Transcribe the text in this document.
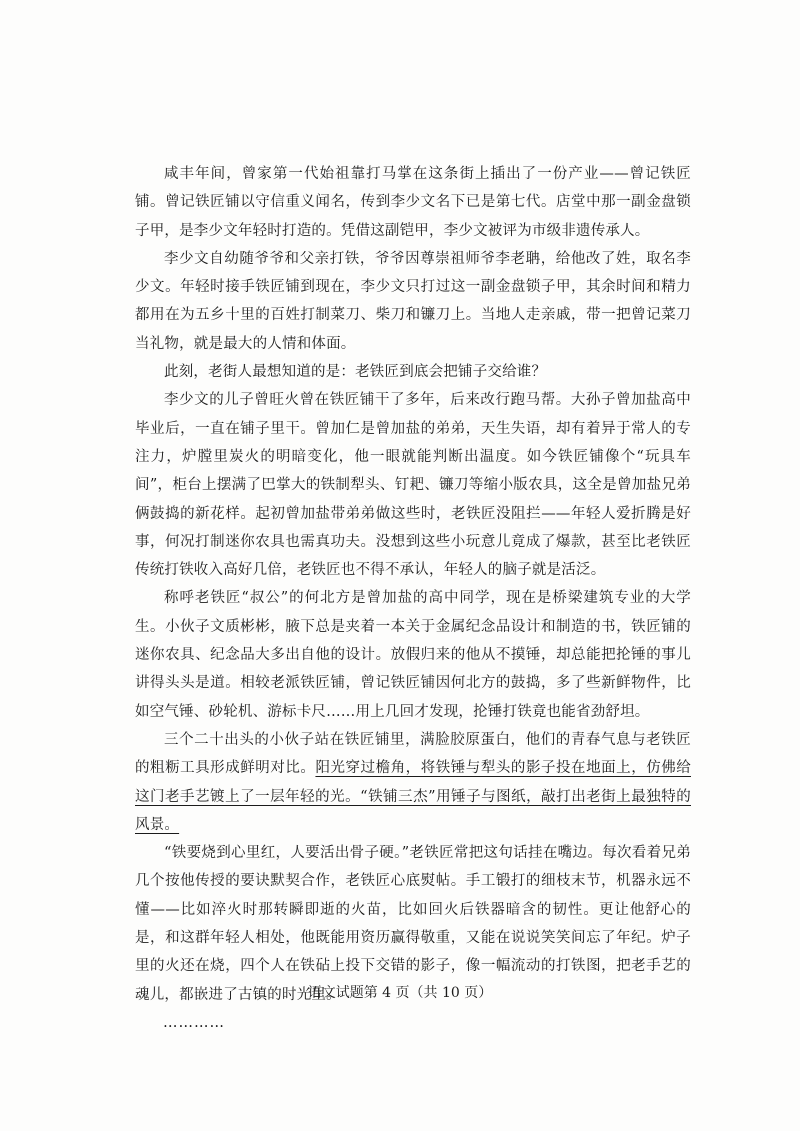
咸丰年间，曾家第一代始祖靠打马掌在这条街上插出了一份产业——曾记铁匠铺。曾记铁匠铺以守信重义闻名，传到李少文名下已是第七代。店堂中那一副金盘锁子甲，是李少文年轻时打造的。凭借这副铠甲，李少文被评为市级非遗传承人。

李少文自幼随爷爷和父亲打铁，爷爷因尊崇祖师爷李老聃，给他改了姓，取名李少文。年轻时接手铁匠铺到现在，李少文只打过这一副金盘锁子甲，其余时间和精力都用在为五乡十里的百姓打制菜刀、柴刀和镰刀上。当地人走亲戚，带一把曾记菜刀当礼物，就是最大的人情和体面。

此刻，老街人最想知道的是：老铁匠到底会把铺子交给谁？

李少文的儿子曾旺火曾在铁匠铺干了多年，后来改行跑马帮。大孙子曾加盐高中毕业后，一直在铺子里干。曾加仁是曾加盐的弟弟，天生失语，却有着异于常人的专注力，炉膛里炭火的明暗变化，他一眼就能判断出温度。如今铁匠铺像个“玩具车间”，柜台上摆满了巴掌大的铁制犁头、钉耙、镰刀等缩小版农具，这全是曾加盐兄弟俩鼓捣的新花样。起初曾加盐带弟弟做这些时，老铁匠没阻拦——年轻人爱折腾是好事，何况打制迷你农具也需真功夫。没想到这些小玩意儿竟成了爆款，甚至比老铁匠传统打铁收入高好几倍，老铁匠也不得不承认，年轻人的脑子就是活泛。

称呼老铁匠“叔公”的何北方是曾加盐的高中同学，现在是桥梁建筑专业的大学生。小伙子文质彬彬，腋下总是夹着一本关于金属纪念品设计和制造的书，铁匠铺的迷你农具、纪念品大多出自他的设计。放假归来的他从不摸锤，却总能把抡锤的事儿讲得头头是道。相较老派铁匠铺，曾记铁匠铺因何北方的鼓捣，多了些新鲜物件，比如空气锤、砂轮机、游标卡尺……用上几回才发现，抡锤打铁竟也能省劲舒坦。

三个二十出头的小伙子站在铁匠铺里，满脸胶原蛋白，他们的青春气息与老铁匠的粗粝工具形成鲜明对比。阳光穿过檐角，将铁锤与犁头的影子投在地面上，仿佛给这门老手艺镀上了一层年轻的光。“铁铺三杰”用锤子与图纸，敲打出老街上最独特的风景。

“铁要烧到心里红，人要活出骨子硬。”老铁匠常把这句话挂在嘴边。每次看着兄弟几个按他传授的要诀默契合作，老铁匠心底熨帖。手工锻打的细枝末节，机器永远不懂——比如淬火时那转瞬即逝的火苗，比如回火后铁器暗含的韧性。更让他舒心的是，和这群年轻人相处，他既能用资历赢得敬重，又能在说说笑笑间忘了年纪。炉子里的火还在烧，四个人在铁砧上投下交错的影子，像一幅流动的打铁图，把老手艺的魂儿，都嵌进了古镇的时光里。

…………

语文试题第 4 页（共 10 页）
